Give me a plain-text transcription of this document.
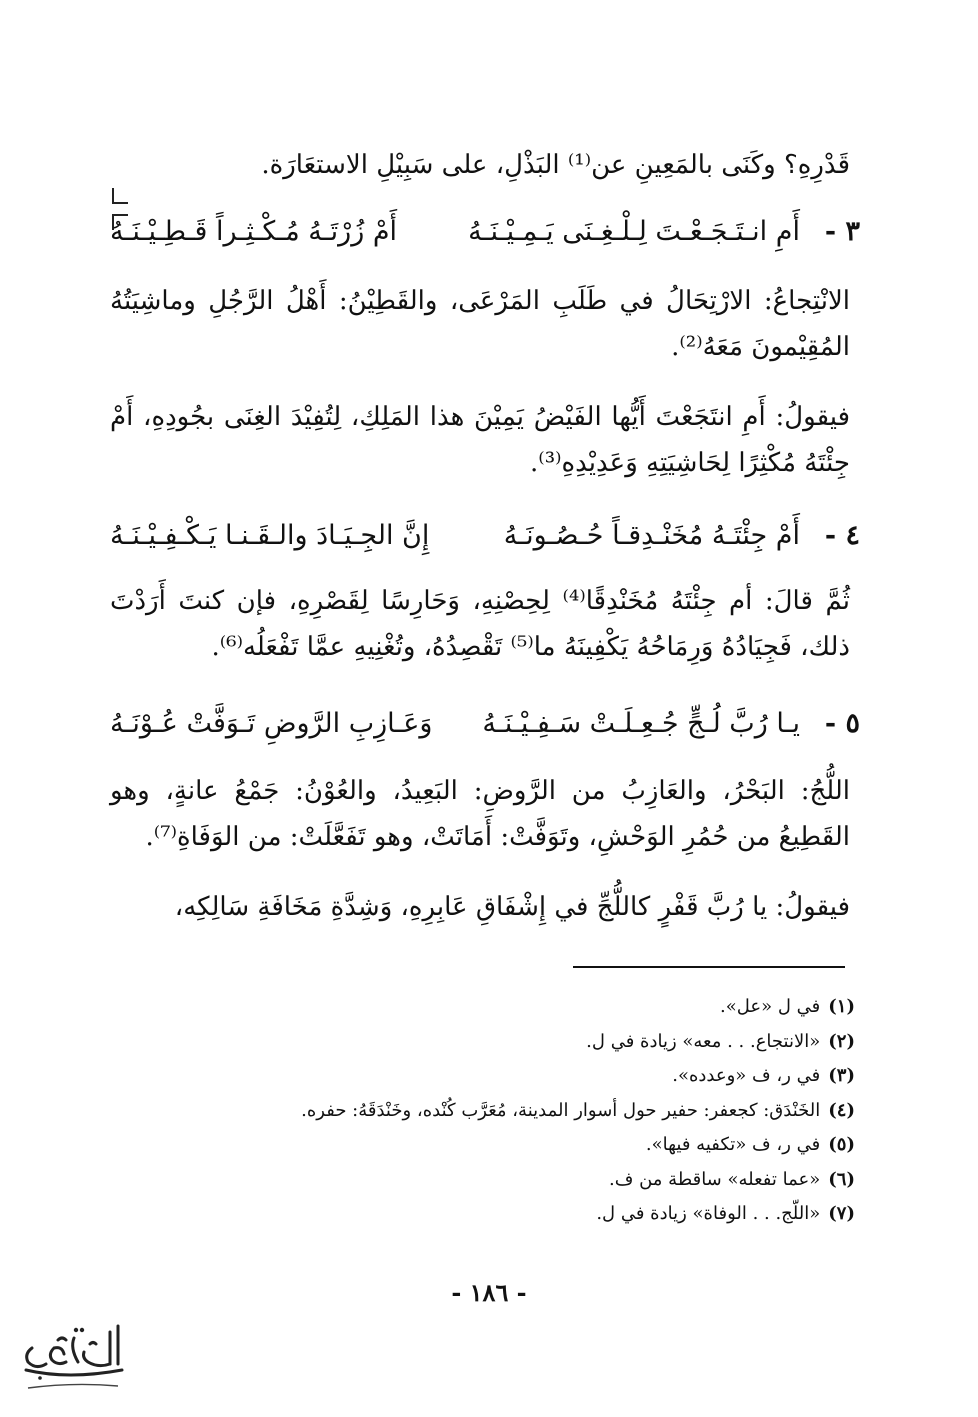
قَدْرِهِ؟ وكَنَى بالمَعِينِ عن⁽¹⁾ البَذْلِ، على سَبِيْلِ الاستعَارَة.
٣ -
أَمِ انـتَـجَـعْـتَ لِـلْـغِـنَى يَـمِـيْـنَـهُ
أَمْ زُرْتَـهُ مُـكْـثِـراً قَـطِـيْـنَـهُ
الانْتِجاعُ: الارْتِحَالُ في طَلَبِ المَرْعَى، والقَطِيْنُ: أَهْلُ الرَّجُلِ وماشِيَتُهُ المُقِيْمونَ مَعَهُ⁽²⁾.
فيقولُ: أَمِ انتَجَعْتَ أَيُّها الفَيْضُ يَمِيْنَ هذا المَلِكِ، لِتُفِيْدَ الغِنَى بجُودِهِ، أَمْ جِئْتَهُ مُكْثِرًا لِحَاشِيَتِهِ وَعَدِيْدِهِ⁽³⁾.
٤ -
أَمْ جِئْتَـهُ مُخَنْـدِقـاً حُـصُـونَـهُ
إِنَّ الجِـيَـادَ والـقَـنـا يَـكْـفِـيْـنَـهُ
ثُمَّ قالَ: أم جِئْتَهُ مُخَنْدِقًا⁽⁴⁾ لِحِصْنِهِ، وَحَارِسًا لِقَصْرِهِ، فإن كنتَ أَرَدْتَ ذلك، فَجِيَادُهُ وَرِمَاحُهُ يَكْفِينَهُ ما⁽⁵⁾ تَقْصِدُهُ، وتُغْنِيهِ عمَّا تَفْعَلُه⁽⁶⁾.
٥ -
يـا رُبَّ لُـجٍّ جُـعِـلَـتْ سَـفِـيْـنَـهُ
وَعَـازِبِ الرَّوضِ تَـوَفَّتْ عُـوْنَـهُ
اللُّجُ: البَحْرُ، والعَازِبُ من الرَّوضِ: البَعِيدُ، والعُوْنُ: جَمْعُ عانةٍ، وهو القَطِيعُ من حُمُرِ الوَحْشِ، وتَوَفَّتْ: أَمَاتَتْ، وهو تَفَعَّلَتْ: من الوَفَاةِ⁽⁷⁾.
فيقولُ: يا رُبَّ قَفْرٍ كاللُّجِّ في إِشْفَاقِ عَابِرِهِ، وَشِدَّةِ مَخَافَةِ سَالِكِه،
(١)في ل «عل».
(٢)«الانتجاع. . . معه» زيادة في ل.
(٣)في ر، ف «وعدده».
(٤)الخَنْدَق: كجعفر: حفير حول أسوار المدينة، مُعَرَّب كُنْده، وخَنْدَقَهُ: حفره.
(٥)في ر، ف «تكفيه فيها».
(٦)«عما تفعله» ساقطة من ف.
(٧)«اللّج. . . الوفاة» زيادة في ل.
- ١٨٦ -
